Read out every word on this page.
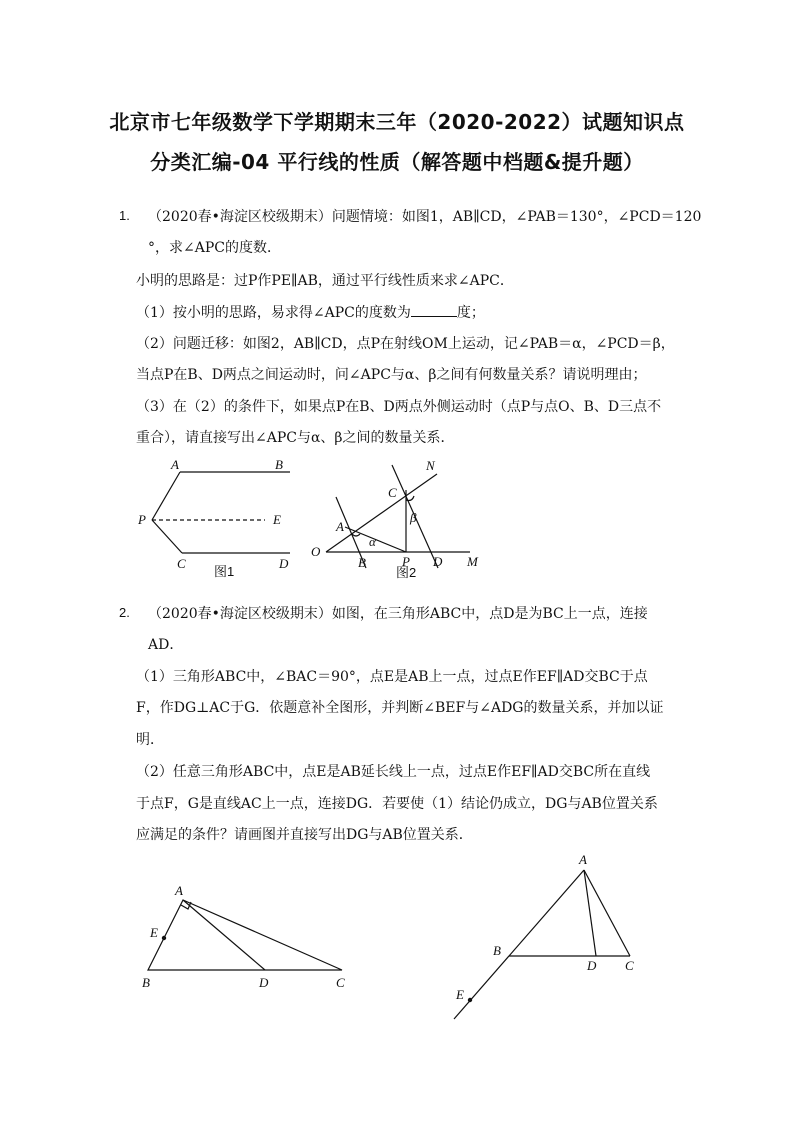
北京市七年级数学下学期期末三年（2020-2022）试题知识点
分类汇编-04 平行线的性质（解答题中档题&提升题）
1. （2020春•海淀区校级期末）问题情境：如图1，AB∥CD，∠PAB＝130°，∠PCD＝120
°，求∠APC的度数．
小明的思路是：过P作PE∥AB，通过平行线性质来求∠APC．
（1）按小明的思路，易求得∠APC的度数为	度；
（2）问题迁移：如图2，AB∥CD，点P在射线OM上运动，记∠PAB＝α，∠PCD＝β，
当点P在B、D两点之间运动时，问∠APC与α、β之间有何数量关系？请说明理由；
（3）在（2）的条件下，如果点P在B、D两点外侧运动时（点P与点O、B、D三点不
重合），请直接写出∠APC与α、β之间的数量关系．
A	B
P	E
C	D
图1
N
C
β
A
α
O
B	P D M
图2
2. （2020春•海淀区校级期末）如图，在三角形ABC中，点D是为BC上一点，连接
AD．
（1）三角形ABC中，∠BAC＝90°，点E是AB上一点，过点E作EF∥AD交BC于点
F，作DG⊥AC于G．依题意补全图形，并判断∠BEF与∠ADG的数量关系，并加以证
明．
（2）任意三角形ABC中，点E是AB延长线上一点，过点E作EF∥AD交BC所在直线
于点F，G是直线AC上一点，连接DG．若要使（1）结论仍成立，DG与AB位置关系
应满足的条件？请画图并直接写出DG与AB位置关系．
A
E
B	D	C
A
B
D C
E
